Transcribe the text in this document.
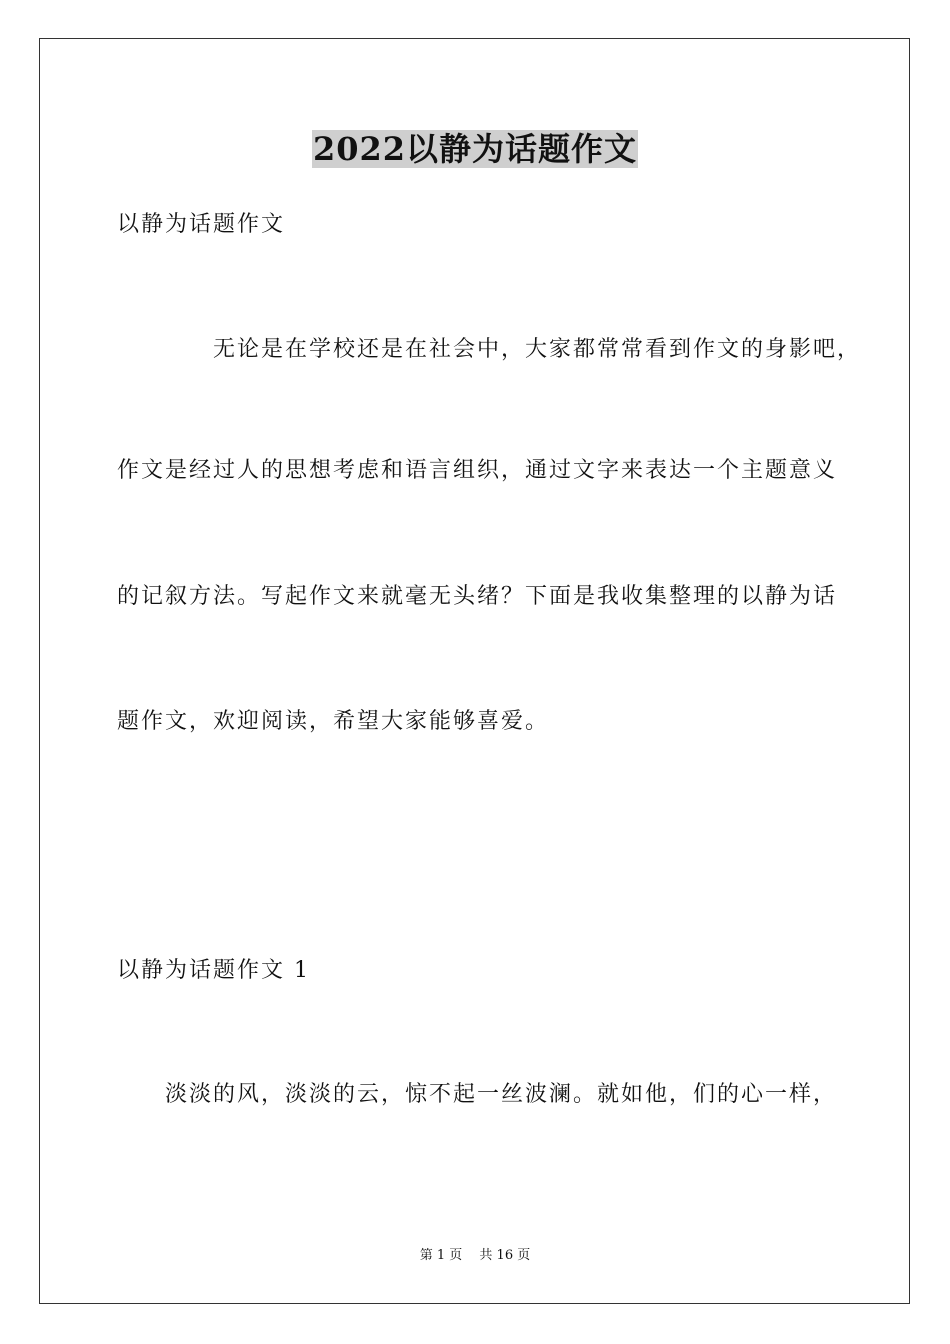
2022以静为话题作文
以静为话题作文
　　　　无论是在学校还是在社会中，大家都常常看到作文的身影吧，
作文是经过人的思想考虑和语言组织，通过文字来表达一个主题意义
的记叙方法。写起作文来就毫无头绪？下面是我收集整理的以静为话
题作文，欢迎阅读，希望大家能够喜爱。
以静为话题作文 1
　　淡淡的风，淡淡的云，惊不起一丝波澜。就如他，们的心一样，
第 1 页　 共 16 页
